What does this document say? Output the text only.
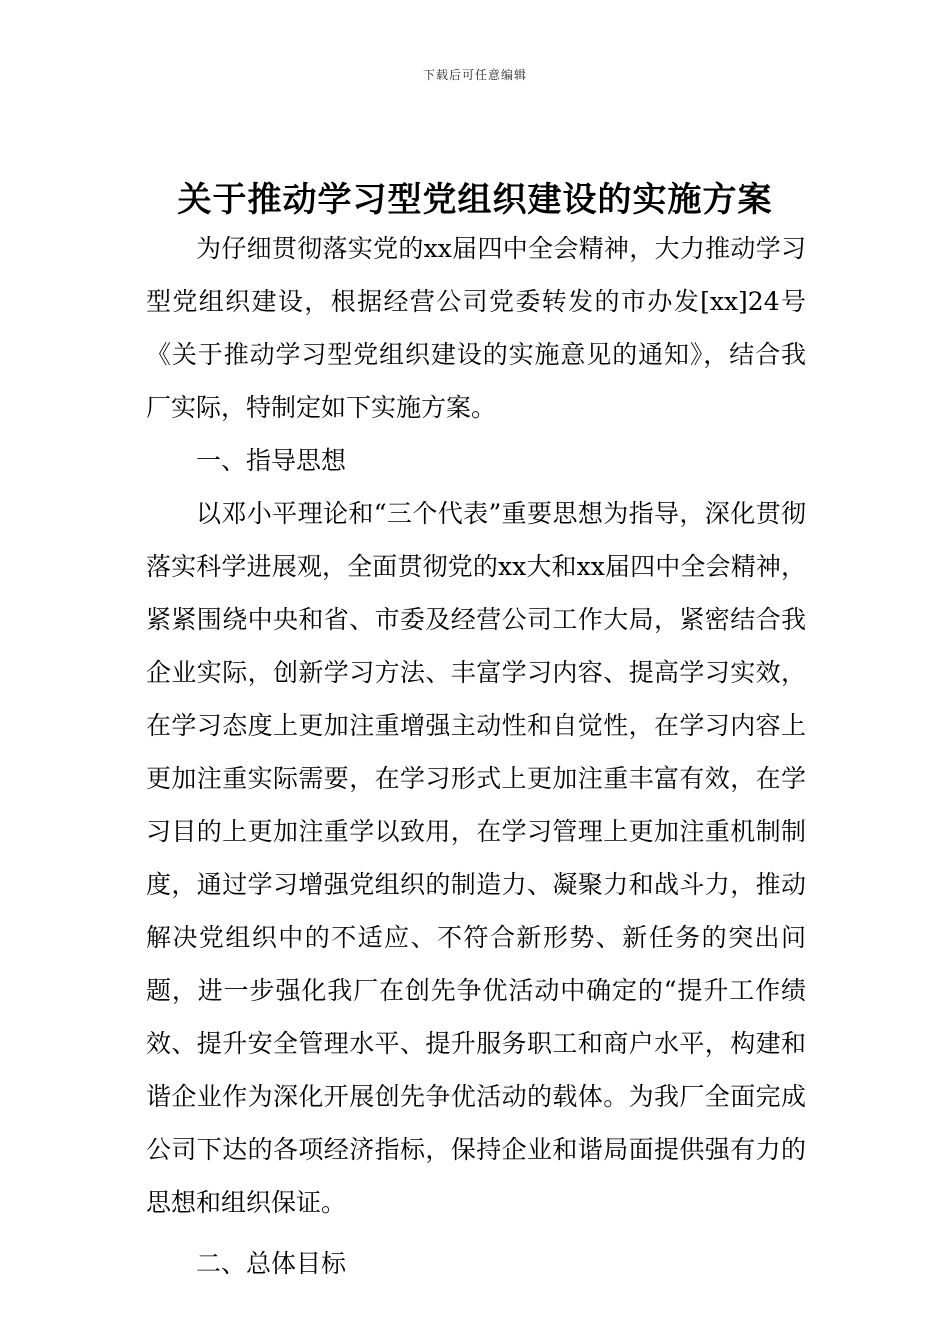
下载后可任意编辑
关于推动学习型党组织建设的实施方案

为仔细贯彻落实党的xx届四中全会精神，大力推动学习型党组织建设，根据经营公司党委转发的市办发[xx]24号《关于推动学习型党组织建设的实施意见的通知》，结合我厂实际，特制定如下实施方案。

一、指导思想

以邓小平理论和“三个代表”重要思想为指导，深化贯彻落实科学进展观，全面贯彻党的xx大和xx届四中全会精神，紧紧围绕中央和省、市委及经营公司工作大局，紧密结合我企业实际，创新学习方法、丰富学习内容、提高学习实效，在学习态度上更加注重增强主动性和自觉性，在学习内容上更加注重实际需要，在学习形式上更加注重丰富有效，在学习目的上更加注重学以致用，在学习管理上更加注重机制制度，通过学习增强党组织的制造力、凝聚力和战斗力，推动解决党组织中的不适应、不符合新形势、新任务的突出问题，进一步强化我厂在创先争优活动中确定的“提升工作绩效、提升安全管理水平、提升服务职工和商户水平，构建和谐企业作为深化开展创先争优活动的载体。为我厂全面完成公司下达的各项经济指标，保持企业和谐局面提供强有力的思想和组织保证。

二、总体目标
